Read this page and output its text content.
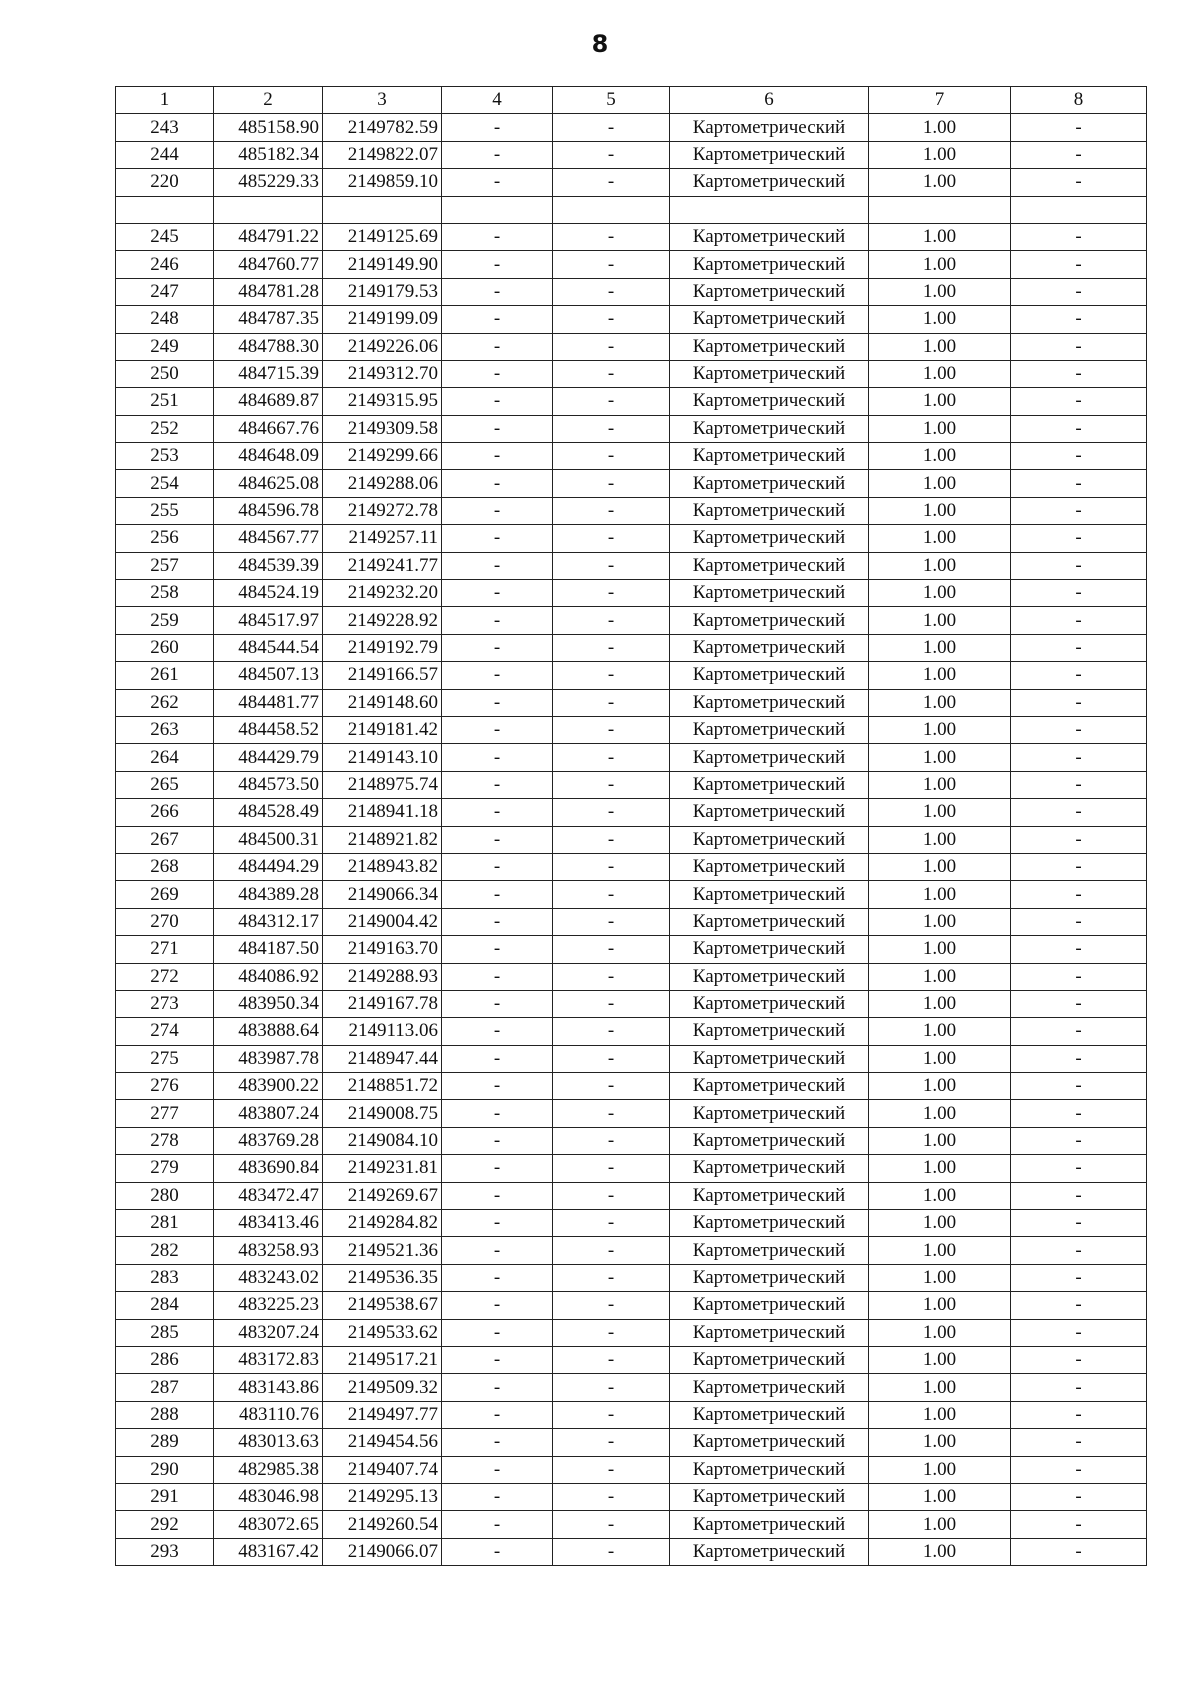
8
1	2	3	4	5	6	7	8
243	485158.90	2149782.59	-	-	Картометрический	1.00	-
244	485182.34	2149822.07	-	-	Картометрический	1.00	-
220	485229.33	2149859.10	-	-	Картометрический	1.00	-

245	484791.22	2149125.69	-	-	Картометрический	1.00	-
246	484760.77	2149149.90	-	-	Картометрический	1.00	-
247	484781.28	2149179.53	-	-	Картометрический	1.00	-
248	484787.35	2149199.09	-	-	Картометрический	1.00	-
249	484788.30	2149226.06	-	-	Картометрический	1.00	-
250	484715.39	2149312.70	-	-	Картометрический	1.00	-
251	484689.87	2149315.95	-	-	Картометрический	1.00	-
252	484667.76	2149309.58	-	-	Картометрический	1.00	-
253	484648.09	2149299.66	-	-	Картометрический	1.00	-
254	484625.08	2149288.06	-	-	Картометрический	1.00	-
255	484596.78	2149272.78	-	-	Картометрический	1.00	-
256	484567.77	2149257.11	-	-	Картометрический	1.00	-
257	484539.39	2149241.77	-	-	Картометрический	1.00	-
258	484524.19	2149232.20	-	-	Картометрический	1.00	-
259	484517.97	2149228.92	-	-	Картометрический	1.00	-
260	484544.54	2149192.79	-	-	Картометрический	1.00	-
261	484507.13	2149166.57	-	-	Картометрический	1.00	-
262	484481.77	2149148.60	-	-	Картометрический	1.00	-
263	484458.52	2149181.42	-	-	Картометрический	1.00	-
264	484429.79	2149143.10	-	-	Картометрический	1.00	-
265	484573.50	2148975.74	-	-	Картометрический	1.00	-
266	484528.49	2148941.18	-	-	Картометрический	1.00	-
267	484500.31	2148921.82	-	-	Картометрический	1.00	-
268	484494.29	2148943.82	-	-	Картометрический	1.00	-
269	484389.28	2149066.34	-	-	Картометрический	1.00	-
270	484312.17	2149004.42	-	-	Картометрический	1.00	-
271	484187.50	2149163.70	-	-	Картометрический	1.00	-
272	484086.92	2149288.93	-	-	Картометрический	1.00	-
273	483950.34	2149167.78	-	-	Картометрический	1.00	-
274	483888.64	2149113.06	-	-	Картометрический	1.00	-
275	483987.78	2148947.44	-	-	Картометрический	1.00	-
276	483900.22	2148851.72	-	-	Картометрический	1.00	-
277	483807.24	2149008.75	-	-	Картометрический	1.00	-
278	483769.28	2149084.10	-	-	Картометрический	1.00	-
279	483690.84	2149231.81	-	-	Картометрический	1.00	-
280	483472.47	2149269.67	-	-	Картометрический	1.00	-
281	483413.46	2149284.82	-	-	Картометрический	1.00	-
282	483258.93	2149521.36	-	-	Картометрический	1.00	-
283	483243.02	2149536.35	-	-	Картометрический	1.00	-
284	483225.23	2149538.67	-	-	Картометрический	1.00	-
285	483207.24	2149533.62	-	-	Картометрический	1.00	-
286	483172.83	2149517.21	-	-	Картометрический	1.00	-
287	483143.86	2149509.32	-	-	Картометрический	1.00	-
288	483110.76	2149497.77	-	-	Картометрический	1.00	-
289	483013.63	2149454.56	-	-	Картометрический	1.00	-
290	482985.38	2149407.74	-	-	Картометрический	1.00	-
291	483046.98	2149295.13	-	-	Картометрический	1.00	-
292	483072.65	2149260.54	-	-	Картометрический	1.00	-
293	483167.42	2149066.07	-	-	Картометрический	1.00	-
